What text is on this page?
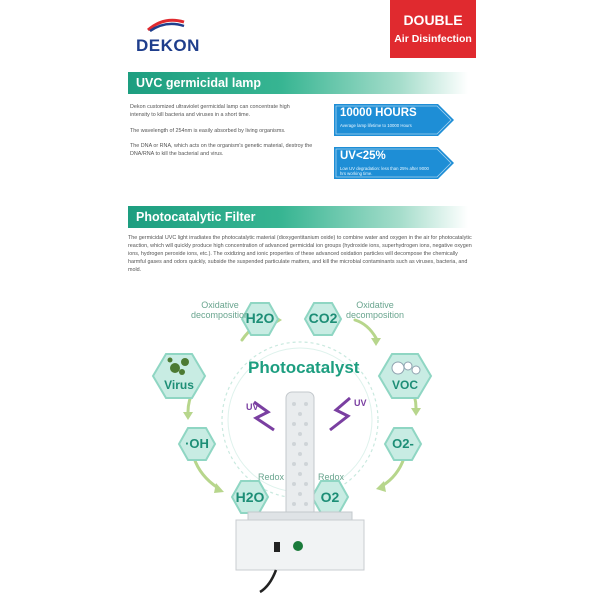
DEKON
DOUBLE
Air Disinfection
UVC germicidal lamp
Dekon customized ultraviolet germicidal lamp can concentrate high intensity to kill bacteria and viruses in a short time.
The wavelength of 254nm is easily absorbed by living organisms.
The DNA or RNA, which acts on the organism's genetic material, destroy the DNA/RNA to kill the bacterial and virus.
10000 HOURS
Average lamp lifetime to 10000 Hours
UV<25%
Low UV degradation: less than 25% after 9000 hrs working time.
Photocatalytic Filter
The germicidal UVC light irradiates the photocatalytic material (dioxygentitanium oxide) to combine water and oxygen in the air for photocatalytic reaction, which will quickly produce high concentration of advanced germicidal ion groups (hydroxide ions, superhydrogen ions, negative oxygen ions, hydrogen peroxide ions, etc.). The oxidizing and ionic properties of these advanced oxidation particles will decompose the chemically harmful gases and odors quickly, subside the suspended particulate matters, and kill the microbial contaminants such as viruses, bacteria, and mold.
Oxidative decomposition
Oxidative decomposition
H2O CO2
Virus	VOC
·OH	O2-
H2O	O2
Photocatalyst
UV	UV
Redox	Redox
